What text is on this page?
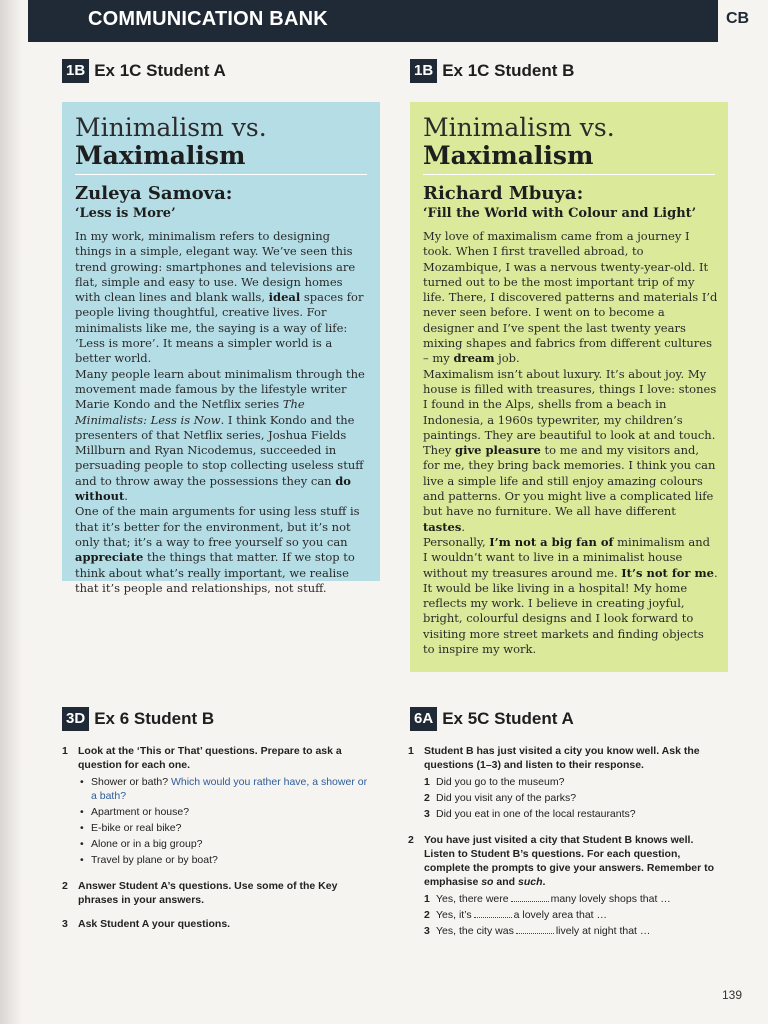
COMMUNICATION BANK	CB
1B Ex 1C Student A	1B Ex 1C Student B
Minimalism vs.
Maximalism
Zuleya Samova:
‘Less is More’

In my work, minimalism refers to designing things in a simple, elegant way. We’ve seen this trend growing: smartphones and televisions are flat, simple and easy to use. We design homes with clean lines and blank walls, ideal spaces for people living thoughtful, creative lives. For minimalists like me, the saying is a way of life: ‘Less is more’. It means a simpler world is a better world.

Many people learn about minimalism through the movement made famous by the lifestyle writer Marie Kondo and the Netflix series The Minimalists: Less is Now. I think Kondo and the presenters of that Netflix series, Joshua Fields Millburn and Ryan Nicodemus, succeeded in persuading people to stop collecting useless stuff and to throw away the possessions they can do without.

One of the main arguments for using less stuff is that it’s better for the environment, but it’s not only that; it’s a way to free yourself so you can appreciate the things that matter. If we stop to think about what’s really important, we realise that it’s people and relationships, not stuff.

Minimalism vs.
Maximalism
Richard Mbuya:
‘Fill the World with Colour and Light’

My love of maximalism came from a journey I took. When I first travelled abroad, to Mozambique, I was a nervous twenty-year-old. It turned out to be the most important trip of my life. There, I discovered patterns and materials I’d never seen before. I went on to become a designer and I’ve spent the last twenty years mixing shapes and fabrics from different cultures – my dream job.

Maximalism isn’t about luxury. It’s about joy. My house is filled with treasures, things I love: stones I found in the Alps, shells from a beach in Indonesia, a 1960s typewriter, my children’s paintings. They are beautiful to look at and touch. They give pleasure to me and my visitors and, for me, they bring back memories. I think you can live a simple life and still enjoy amazing colours and patterns. Or you might live a complicated life but have no furniture. We all have different tastes.

Personally, I’m not a big fan of minimalism and I wouldn’t want to live in a minimalist house without my treasures around me. It’s not for me. It would be like living in a hospital! My home reflects my work. I believe in creating joyful, bright, colourful designs and I look forward to visiting more street markets and finding objects to inspire my work.

3D Ex 6 Student B	6A Ex 5C Student A
1 Look at the ‘This or That’ questions. Prepare to ask a question for each one.
• Shower or bath? Which would you rather have, a shower or a bath?
• Apartment or house?
• E-bike or real bike?
• Alone or in a big group?
• Travel by plane or by boat?
2 Answer Student A’s questions. Use some of the Key phrases in your answers.
3 Ask Student A your questions.
1 Student B has just visited a city you know well. Ask the questions (1–3) and listen to their response.
1 Did you go to the museum?
2 Did you visit any of the parks?
3 Did you eat in one of the local restaurants?
2 You have just visited a city that Student B knows well. Listen to Student B’s questions. For each question, complete the prompts to give your answers. Remember to emphasise so and such.
1 Yes, there were	many lovely shops that …
2 Yes, it’s	a lovely area that …
3 Yes, the city was	lively at night that …
139
